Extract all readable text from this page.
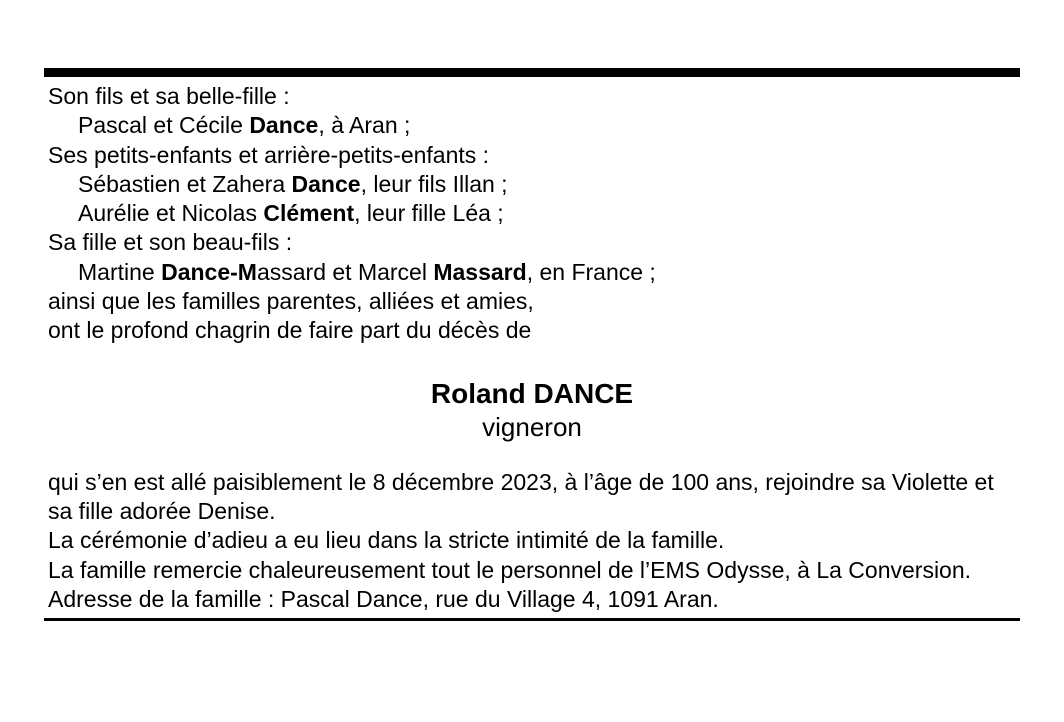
Son fils et sa belle-fille :
Pascal et Cécile Dance, à Aran ;
Ses petits-enfants et arrière-petits-enfants :
Sébastien et Zahera Dance, leur fils Illan ;
Aurélie et Nicolas Clément, leur fille Léa ;
Sa fille et son beau-fils :
Martine Dance-Massard et Marcel Massard, en France ;
ainsi que les familles parentes, alliées et amies,
ont le profond chagrin de faire part du décès de
Roland DANCE
vigneron
qui s’en est allé paisiblement le 8 décembre 2023, à l’âge de 100 ans, rejoindre sa Violette et sa fille adorée Denise.
La cérémonie d’adieu a eu lieu dans la stricte intimité de la famille.
La famille remercie chaleureusement tout le personnel de l’EMS Odysse, à La Conversion.
Adresse de la famille : Pascal Dance, rue du Village 4, 1091 Aran.
